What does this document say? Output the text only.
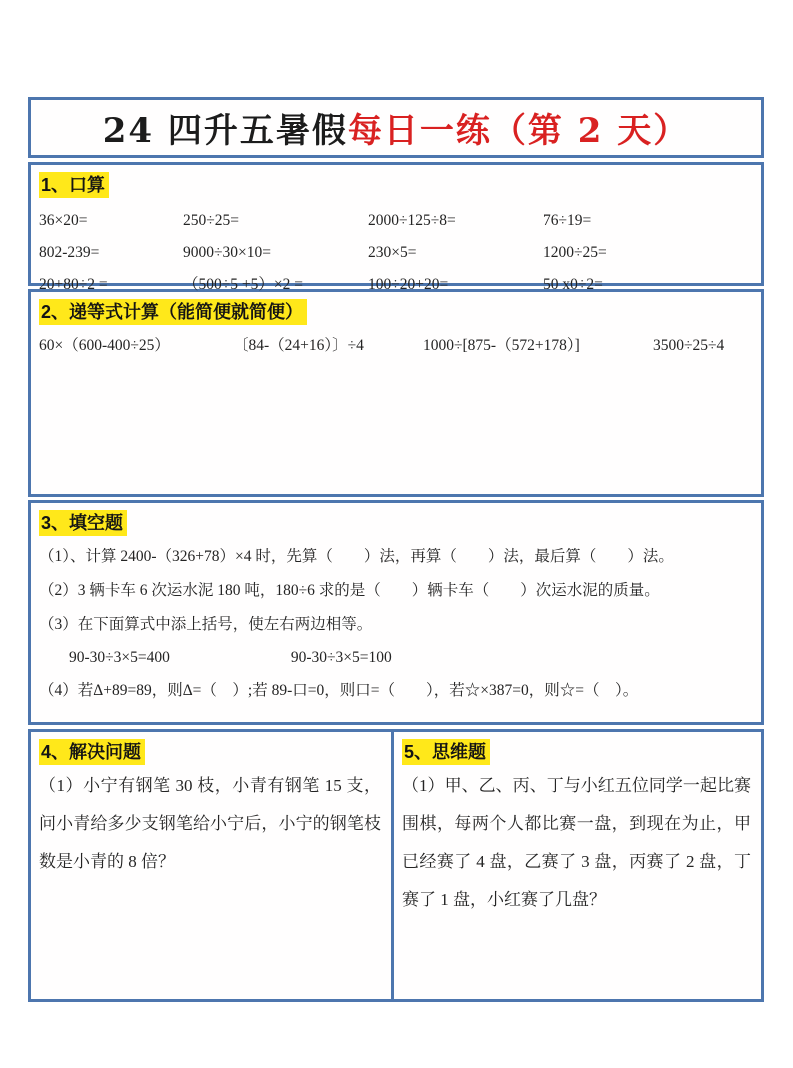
24 四升五暑假每日一练（第 2 天）
1、口算
36×20=	250÷25=	2000÷125÷8=	76÷19=
802-239=	9000÷30×10=	230×5=	1200÷25=
20+80÷2 =	（500÷5 +5）×2 =	100÷20+20=	50 x0÷2=
2、递等式计算（能简便就简便）
60×（600-400÷25）	〔84-（24+16）〕÷4	1000÷[875-（572+178）]	3500÷25÷4
3、填空题
（1）、计算 2400-（326+78）×4 时，先算（　　）法，再算（　　）法，最后算（　　）法。
（2）3 辆卡车 6 次运水泥 180 吨，180÷6 求的是（　　）辆卡车（　　）次运水泥的质量。
（3）在下面算式中添上括号，使左右两边相等。
90-30÷3×5=400	90-30÷3×5=100
（4）若Δ+89=89，则Δ=（　）;若 89-口=0，则口=（　　），若☆×387=0，则☆=（　）。
4、解决问题
（1）小宁有钢笔 30 枝，小青有钢笔 15 支，问小青给多少支钢笔给小宁后，小宁的钢笔枝数是小青的 8 倍？
5、思维题
（1）甲、乙、丙、丁与小红五位同学一起比赛围棋，每两个人都比赛一盘，到现在为止，甲已经赛了 4 盘，乙赛了 3 盘，丙赛了 2 盘，丁赛了 1 盘，小红赛了几盘？
